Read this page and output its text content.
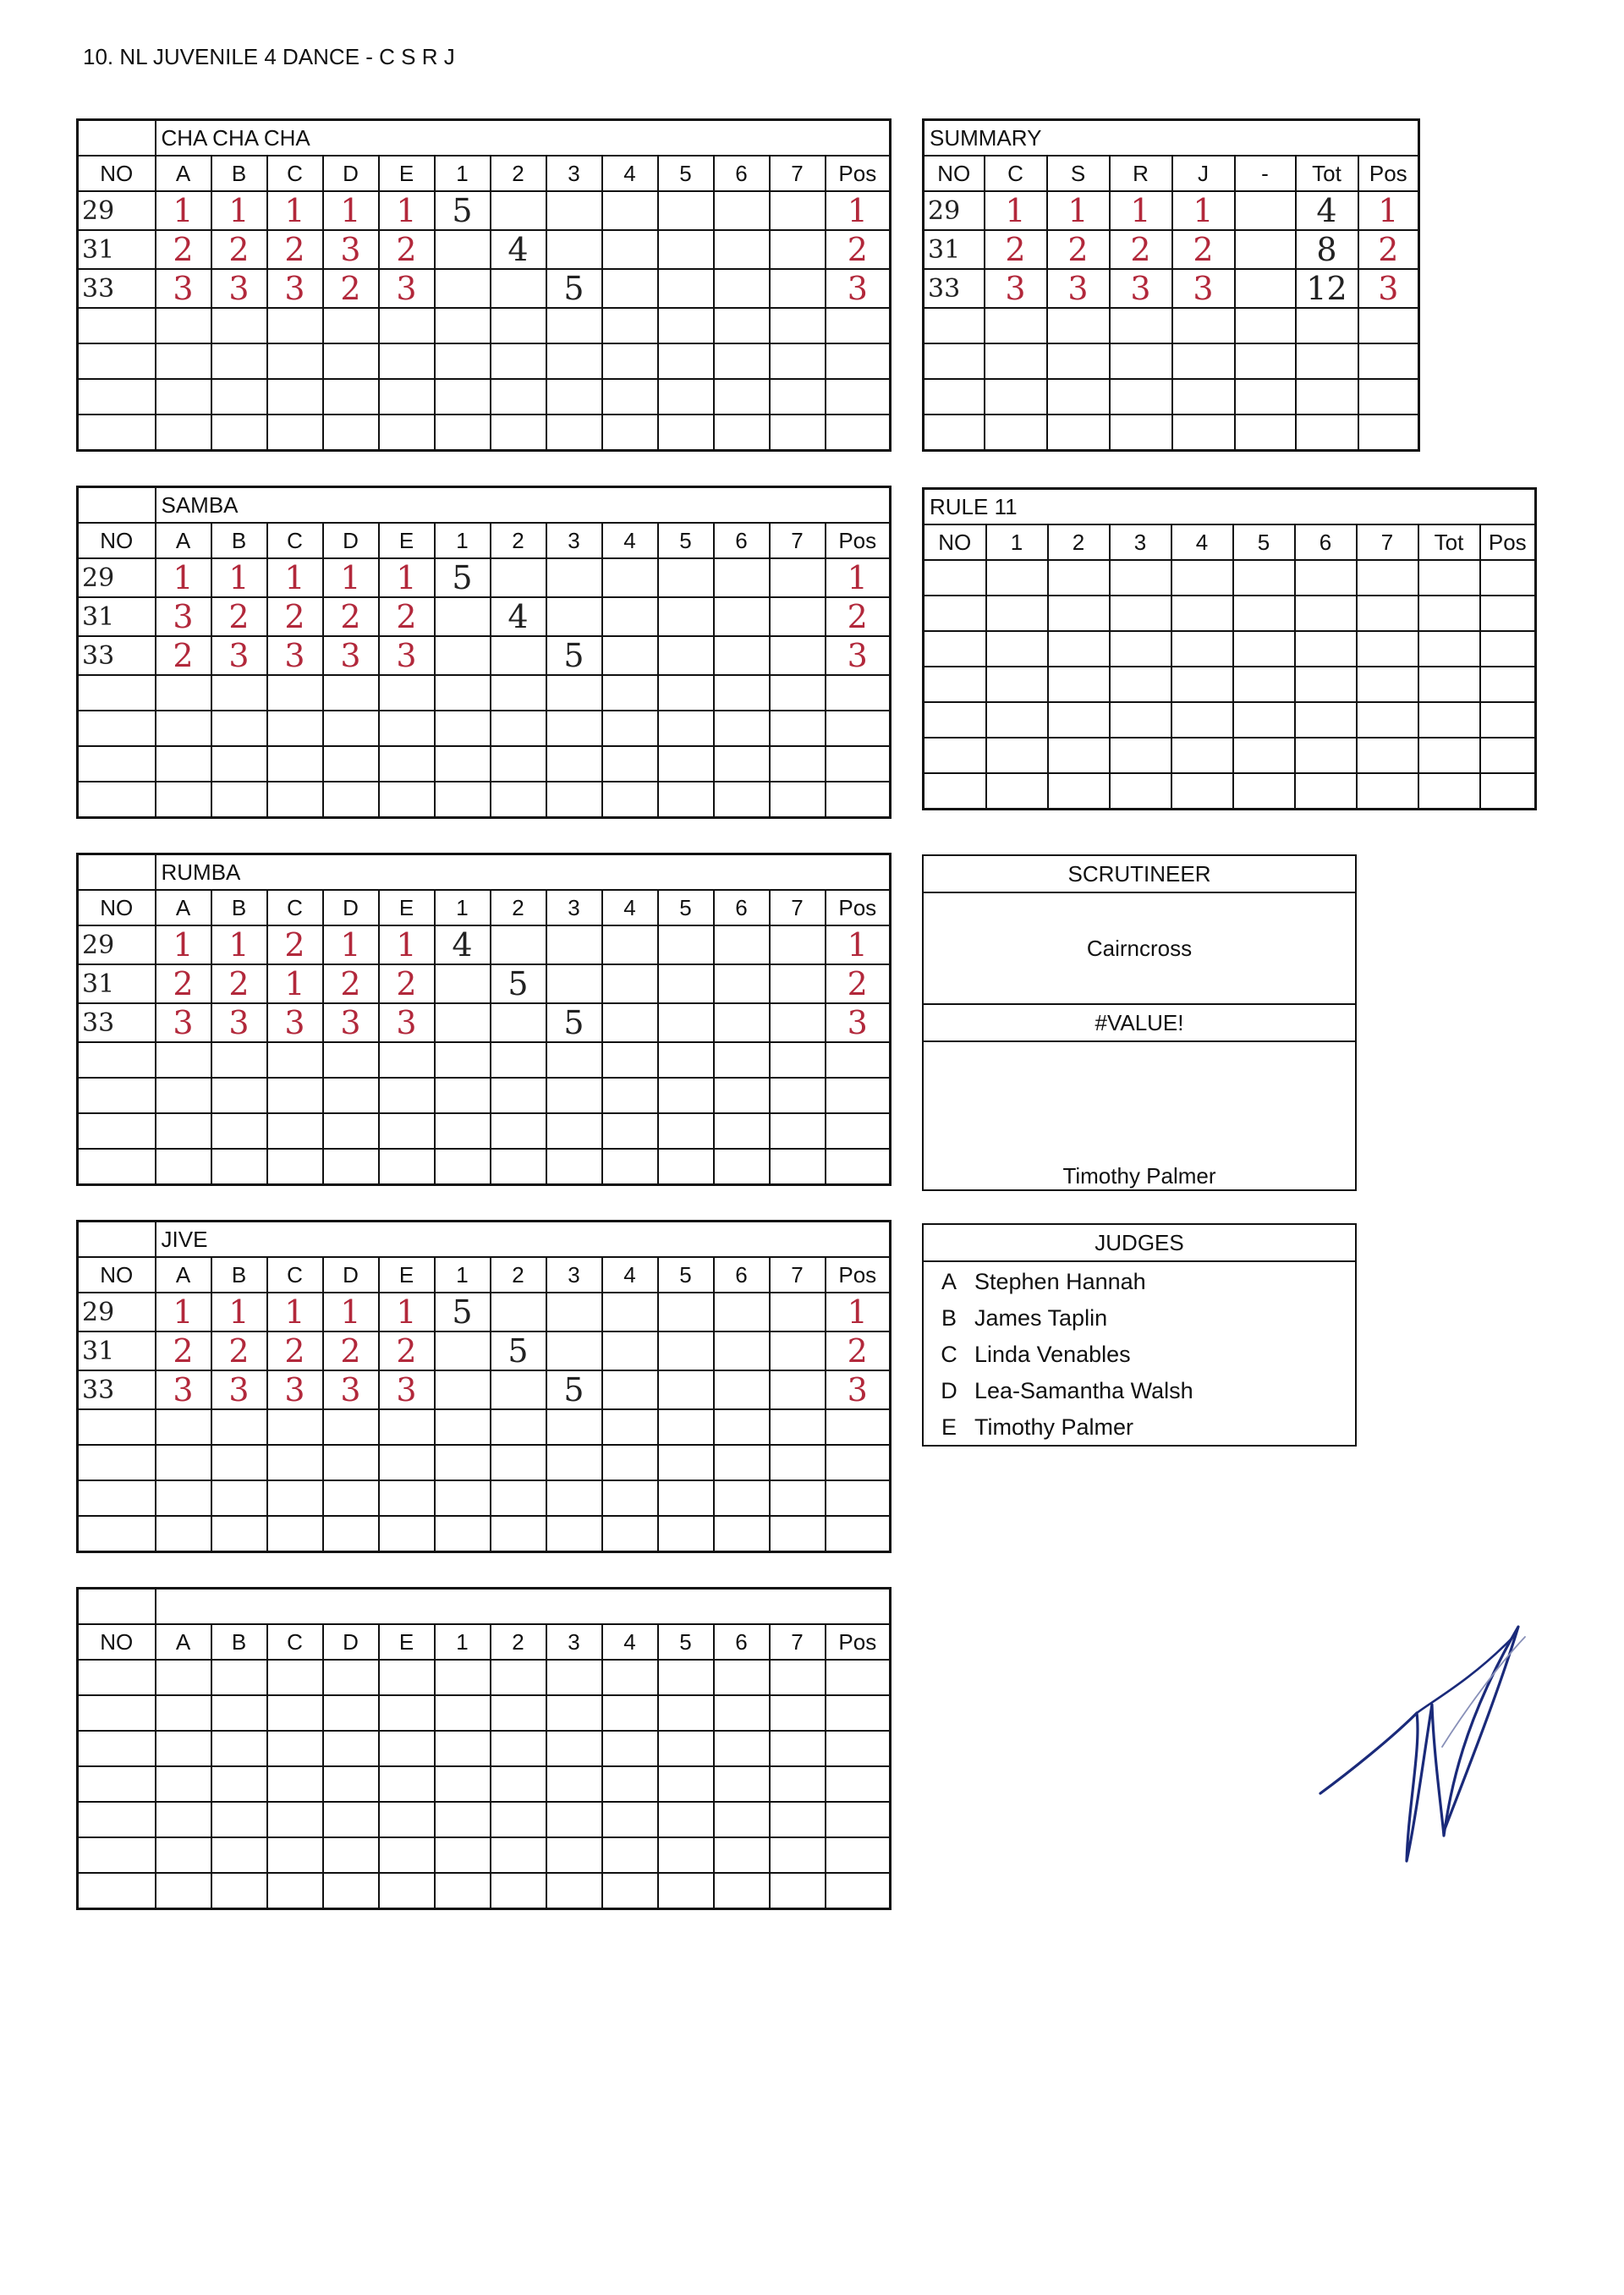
10. NL JUVENILE 4 DANCE - C S R J
	CHA CHA CHA												
NO	A	B	C	D	E	1	2	3	4	5	6	7	Pos
29	1	1	1	1	1	5							1
31	2	2	2	3	2		4						2
33	3	3	3	2	3			5					3

	SAMBA												
NO	A	B	C	D	E	1	2	3	4	5	6	7	Pos
29	1	1	1	1	1	5							1
31	3	2	2	2	2		4						2
33	2	3	3	3	3			5					3

	RUMBA												
NO	A	B	C	D	E	1	2	3	4	5	6	7	Pos
29	1	1	2	1	1	4							1
31	2	2	1	2	2		5						2
33	3	3	3	3	3			5					3

	JIVE												
NO	A	B	C	D	E	1	2	3	4	5	6	7	Pos
29	1	1	1	1	1	5							1
31	2	2	2	2	2		5						2
33	3	3	3	3	3			5					3

NO	A	B	C	D	E	1	2	3	4	5	6	7	Pos

SUMMARY							
NO	C	S	R	J	-	Tot	Pos
29	1	1	1	1		4	1
31	2	2	2	2		8	2
33	3	3	3	3		12	3

RULE 11									
NO	1	2	3	4	5	6	7	Tot	Pos

SCRUTINEER
Cairncross
#VALUE!
Timothy Palmer
JUDGES
A Stephen Hannah
B James Taplin
C Linda Venables
D Lea-Samantha Walsh
E Timothy Palmer
